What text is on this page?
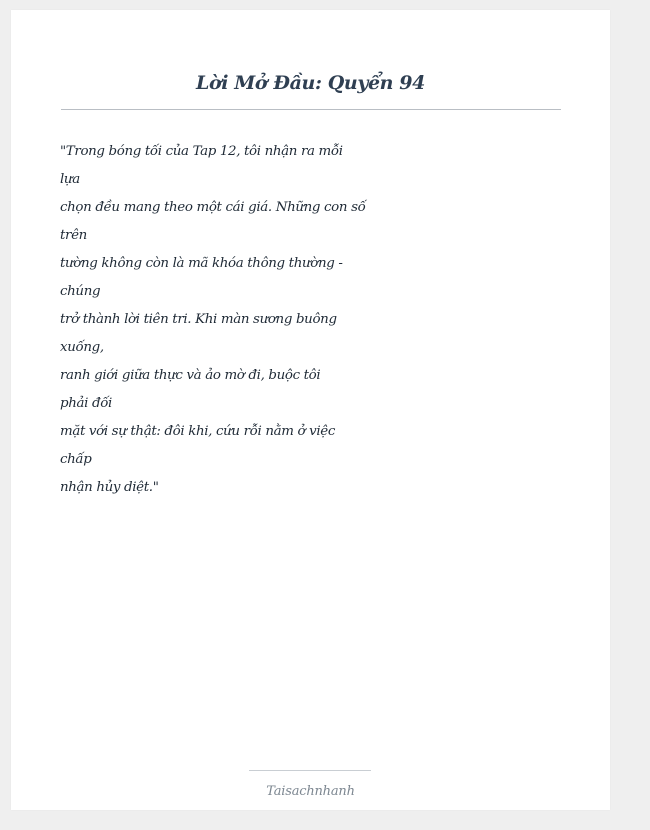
Lời Mở Đầu: Quyển 94
"Trong bóng tối của Tap 12, tôi nhận ra mỗi
lựa
chọn đều mang theo một cái giá. Những con số
trên
tường không còn là mã khóa thông thường -
chúng
trở thành lời tiên tri. Khi màn sương buông
xuống,
ranh giới giữa thực và ảo mờ đi, buộc tôi
phải đối
mặt với sự thật: đôi khi, cứu rỗi nằm ở việc
chấp
nhận hủy diệt."
Taisachnhanh
